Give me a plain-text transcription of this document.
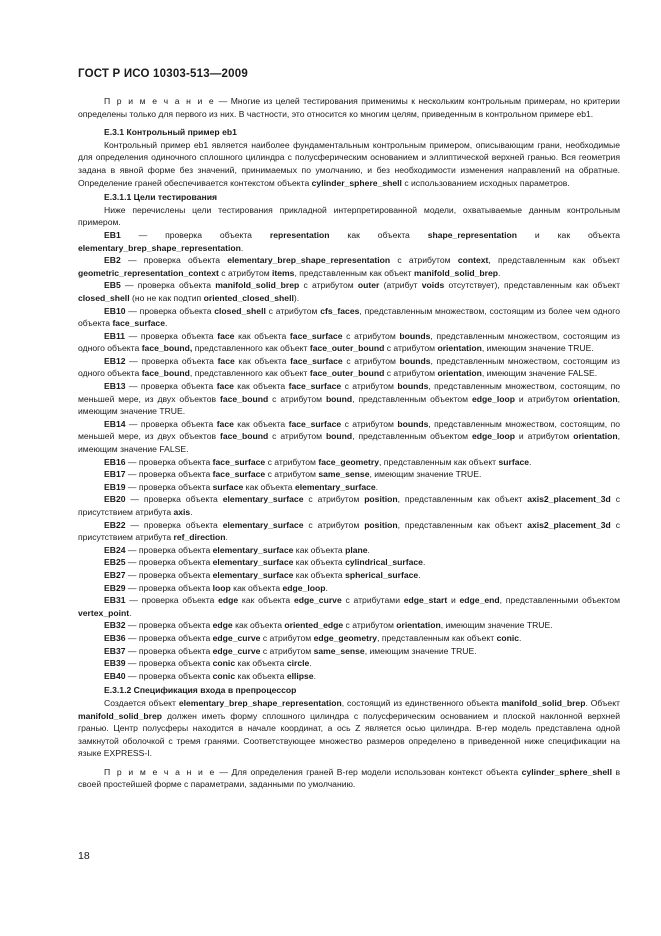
ГОСТ Р ИСО 10303-513—2009

П р и м е ч а н и е — Многие из целей тестирования применимы к нескольким контрольным примерам, но критерии определены только для первого из них. В частности, это относится ко многим целям, приведенным в контрольном примере eb1.

E.3.1 Контрольный пример eb1

Контрольный пример eb1 является наиболее фундаментальным контрольным примером, описывающим грани, необходимые для определения одиночного сплошного цилиндра с полусферическим основанием и эллиптической верхней гранью. Вся геометрия задана в явной форме без значений, принимаемых по умолчанию, и без необходимости изменения направлений на обратные. Определение граней обеспечивается контекстом объекта cylinder_sphere_shell с использованием исходных параметров.

E.3.1.1 Цели тестирования

Ниже перечислены цели тестирования прикладной интерпретированной модели, охватываемые данным контрольным примером.

EB1 — проверка объекта representation как объекта shape_representation и как объекта elementary_brep_shape_representation.

EB2 — проверка объекта elementary_brep_shape_representation с атрибутом context, представленным как объект geometric_representation_context с атрибутом items, представленным как объект manifold_solid_brep.

EB5 — проверка объекта manifold_solid_brep с атрибутом outer (атрибут voids отсутствует), представленным как объект closed_shell (но не как подтип oriented_closed_shell).

EB10 — проверка объекта closed_shell с атрибутом cfs_faces, представленным множеством, состоящим из более чем одного объекта face_surface.

EB11 — проверка объекта face как объекта face_surface с атрибутом bounds, представленным множеством, состоящим из одного объекта face_bound, представленного как объект face_outer_bound с атрибутом orientation, имеющим значение TRUE.

EB12 — проверка объекта face как объекта face_surface с атрибутом bounds, представленным множеством, состоящим из одного объекта face_bound, представленного как объект face_outer_bound с атрибутом orientation, имеющим значение FALSE.

EB13 — проверка объекта face как объекта face_surface с атрибутом bounds, представленным множеством, состоящим, по меньшей мере, из двух объектов face_bound с атрибутом bound, представленным объектом edge_loop и атрибутом orientation, имеющим значение TRUE.

EB14 — проверка объекта face как объекта face_surface с атрибутом bounds, представленным множеством, состоящим, по меньшей мере, из двух объектов face_bound с атрибутом bound, представленным объектом edge_loop и атрибутом orientation, имеющим значение FALSE.

EB16 — проверка объекта face_surface с атрибутом face_geometry, представленным как объект surface.

EB17 — проверка объекта face_surface с атрибутом same_sense, имеющим значение TRUE.

EB19 — проверка объекта surface как объекта elementary_surface.

EB20 — проверка объекта elementary_surface с атрибутом position, представленным как объект axis2_placement_3d с присутствием атрибута axis.

EB22 — проверка объекта elementary_surface с атрибутом position, представленным как объект axis2_placement_3d с присутствием атрибута ref_direction.

EB24 — проверка объекта elementary_surface как объекта plane.

EB25 — проверка объекта elementary_surface как объекта cylindrical_surface.

EB27 — проверка объекта elementary_surface как объекта spherical_surface.

EB29 — проверка объекта loop как объекта edge_loop.

EB31 — проверка объекта edge как объекта edge_curve с атрибутами edge_start и edge_end, представленными объектом vertex_point.

EB32 — проверка объекта edge как объекта oriented_edge с атрибутом orientation, имеющим значение TRUE.

EB36 — проверка объекта edge_curve с атрибутом edge_geometry, представленным как объект conic.

EB37 — проверка объекта edge_curve с атрибутом same_sense, имеющим значение TRUE.

EB39 — проверка объекта conic как объекта circle.

EB40 — проверка объекта conic как объекта ellipse.

E.3.1.2 Спецификация входа в препроцессор

Создается объект elementary_brep_shape_representation, состоящий из единственного объекта manifold_solid_brep. Объект manifold_solid_brep должен иметь форму сплошного цилиндра с полусферическим основанием и плоской наклонной верхней гранью. Центр полусферы находится в начале координат, а ось Z является осью цилиндра. B-rep модель представлена одной замкнутой оболочкой с тремя гранями. Соответствующее множество размеров определено в приведенной ниже спецификации на языке EXPRESS-I.

П р и м е ч а н и е — Для определения граней B-rep модели использован контекст объекта cylinder_sphere_shell в своей простейшей форме с параметрами, заданными по умолчанию.

18
